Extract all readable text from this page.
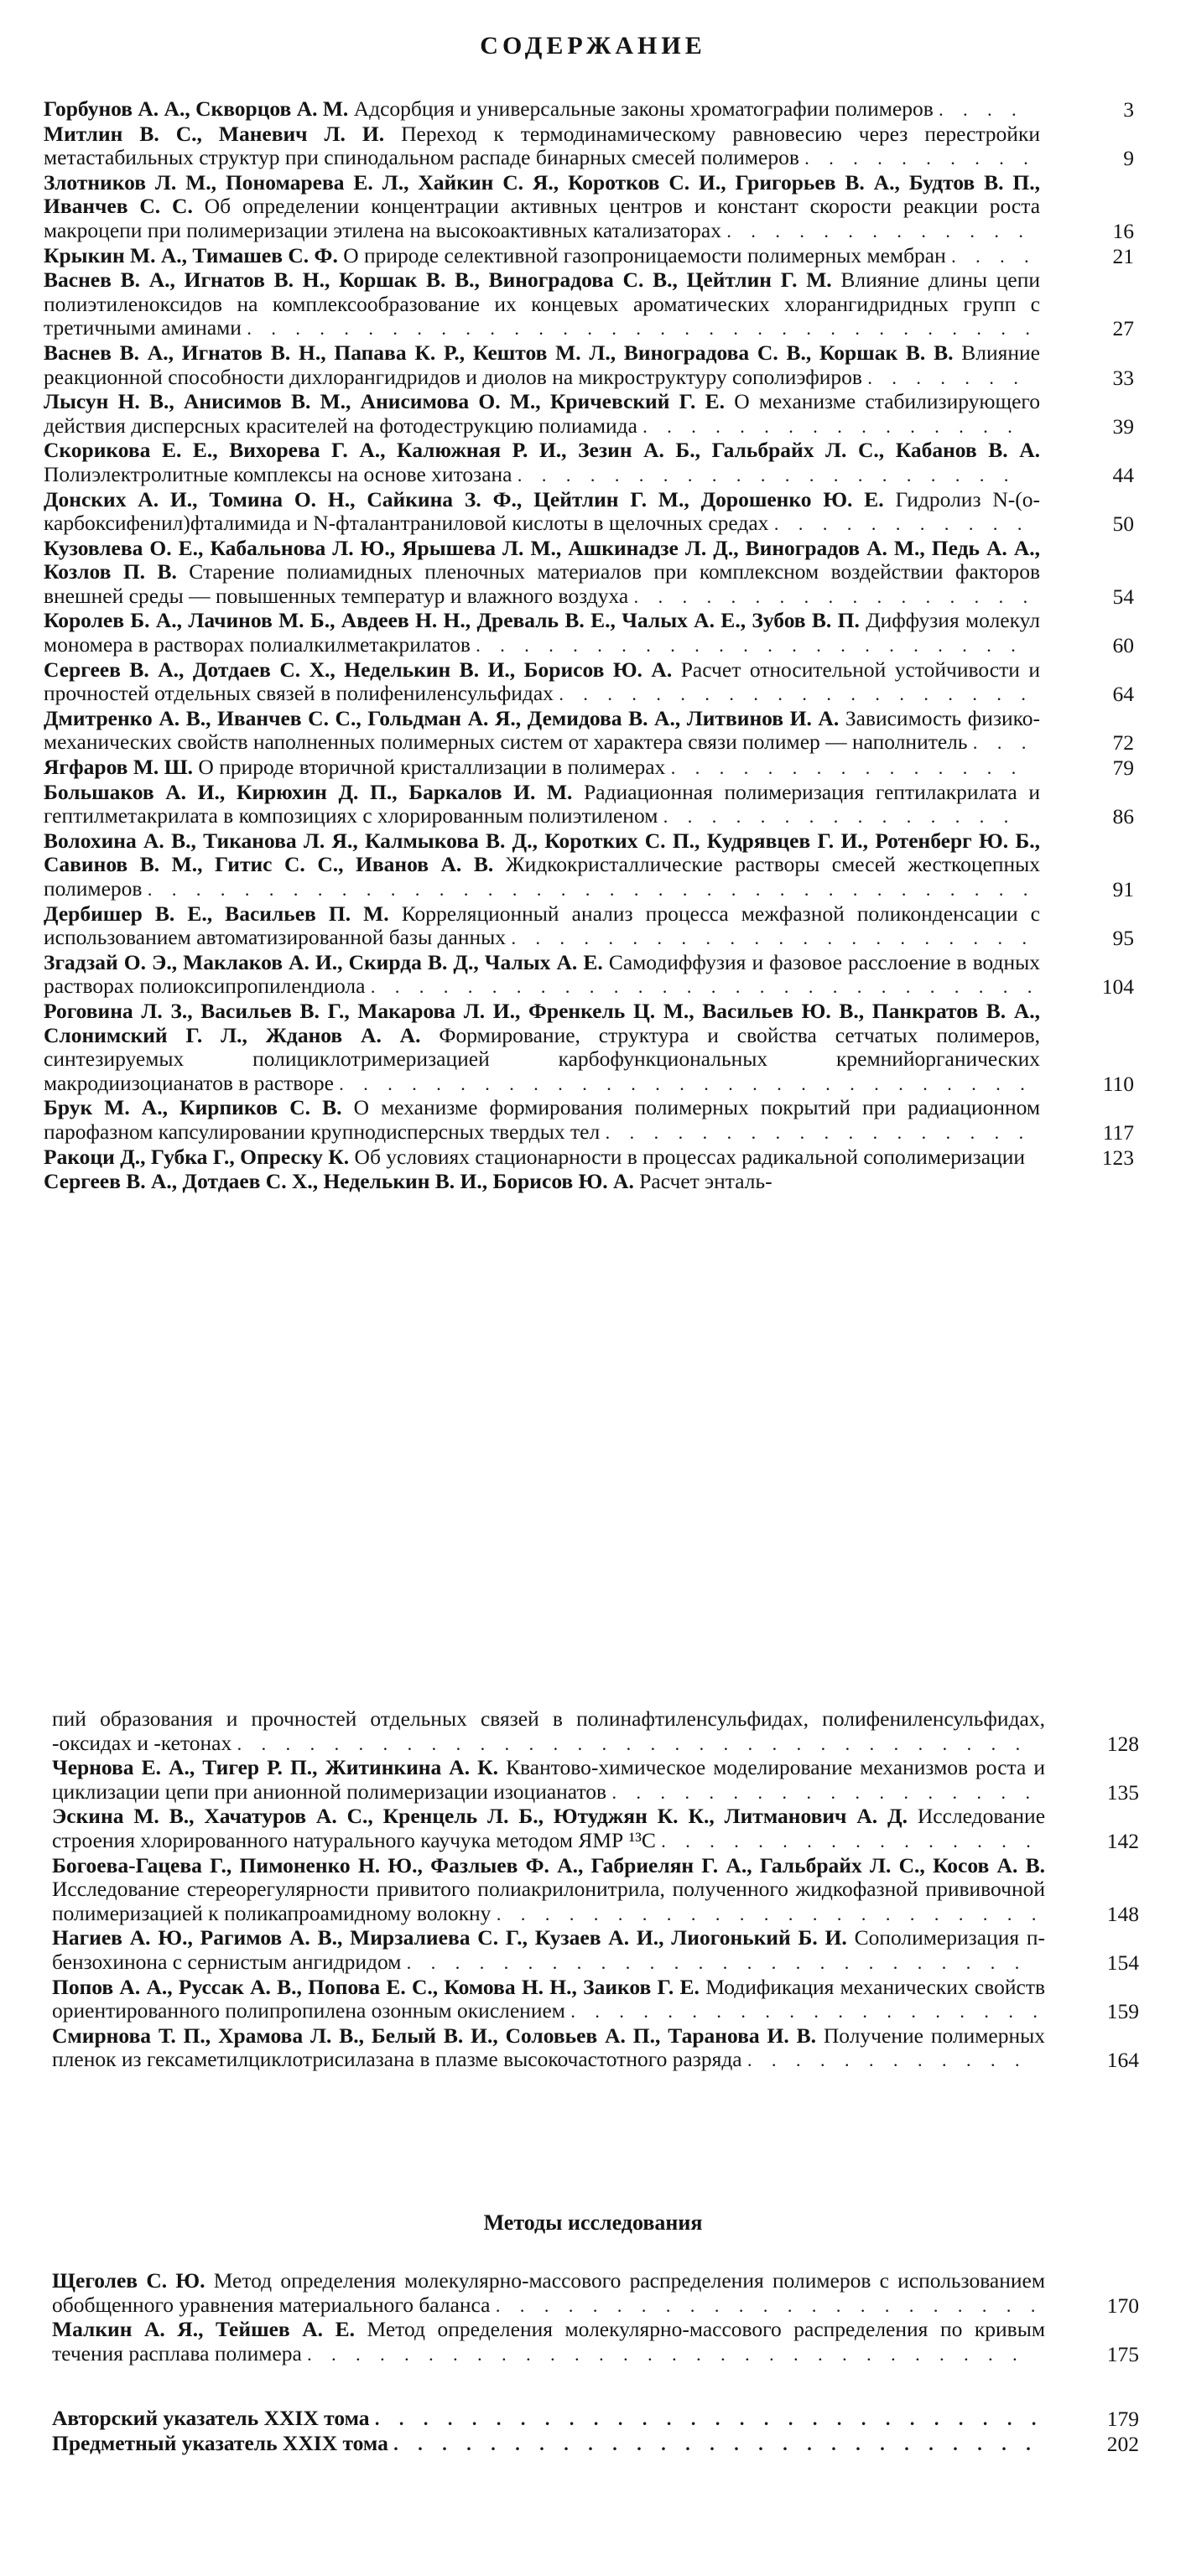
СОДЕРЖАНИЕ
Горбунов А. А., Скворцов А. М. Адсорбция и универсальные законы хроматографии полимеров . . . .	3
Митлин В. С., Маневич Л. И. Переход к термодинамическому равновесию через перестройки метастабильных структур при спинодальном распаде бинарных смесей полимеров . . . . . . . . . .	9
Злотников Л. М., Пономарева Е. Л., Хайкин С. Я., Коротков С. И., Григорьев В. А., Будтов В. П., Иванчев С. С. Об определении концентрации активных центров и констант скорости реакции роста макроцепи при полимеризации этилена на высокоактивных катализаторах . . . . . . . . . . . . .	16
Крыкин М. А., Тимашев С. Ф. О природе селективной газопроницаемости полимерных мембран . . . .	21
Васнев В. А., Игнатов В. Н., Коршак В. В., Виноградова С. В., Цейтлин Г. М. Влияние длины цепи полиэтиленоксидов на комплексообразование их концевых ароматических хлорангидридных групп с третичными аминами . . . . . . . . . . . . . . . . . . . . . . . . . . . . . . . . .	27
Васнев В. А., Игнатов В. Н., Папава К. Р., Кештов М. Л., Виноградова С. В., Коршак В. В. Влияние реакционной способности дихлорангидридов и диолов на микроструктуру сополиэфиров . . . . . . .	33
Лысун Н. В., Анисимов В. М., Анисимова О. М., Кричевский Г. Е. О механизме стабилизирующего действия дисперсных красителей на фотодеструкцию полиамида . . . . . . . . . . . . . . . .	39
Скорикова Е. Е., Вихорева Г. А., Калюжная Р. И., Зезин А. Б., Гальбрайх Л. С., Кабанов В. А. Полиэлектролитные комплексы на основе хитозана . . . . . . . . . . . . . . . . . . . . .	44
Донских А. И., Томина О. Н., Сайкина З. Ф., Цейтлин Г. М., Дорошенко Ю. Е. Гидролиз N-(о-карбоксифенил)фталимида и N-фталантраниловой кислоты в щелочных средах . . . . . . . . . . .	50
Кузовлева О. Е., Кабальнова Л. Ю., Ярышева Л. М., Ашкинадзе Л. Д., Виноградов А. М., Педь А. А., Козлов П. В. Старение полиамидных пленочных материалов при комплексном воздействии факторов внешней среды — повышенных температур и влажного воздуха . . . . . . . . . . . . . . . . .	54
Королев Б. А., Лачинов М. Б., Авдеев Н. Н., Древаль В. Е., Чалых А. Е., Зубов В. П. Диффузия молекул мономера в растворах полиалкилметакрилатов . . . . . . . . . . . . . . . . . . . . . . .	60
Сергеев В. А., Дотдаев С. Х., Неделькин В. И., Борисов Ю. А. Расчет относительной устойчивости и прочностей отдельных связей в полифениленсульфидах . . . . . . . . . . . . . . . . . . . .	64
Дмитренко А. В., Иванчев С. С., Гольдман А. Я., Демидова В. А., Литвинов И. А. Зависимость физико-механических свойств наполненных полимерных систем от характера связи полимер — наполнитель . . .	72
Ягфаров М. Ш. О природе вторичной кристаллизации в полимерах . . . . . . . . . . . . . . .	79
Большаков А. И., Кирюхин Д. П., Баркалов И. М. Радиационная полимеризация гептилакрилата и гептилметакрилата в композициях с хлорированным полиэтиленом . . . . . . . . . . . . . . .	86
Волохина А. В., Тиканова Л. Я., Калмыкова В. Д., Коротких С. П., Кудрявцев Г. И., Ротенберг Ю. Б., Савинов В. М., Гитис С. С., Иванов А. В. Жидкокристаллические растворы смесей жесткоцепных полимеров . . . . . . . . . . . . . . . . . . . . . . . . . . . . . . . . . . . . .	91
Дербишер В. Е., Васильев П. М. Корреляционный анализ процесса межфазной поликонденсации с использованием автоматизированной базы данных . . . . . . . . . . . . . . . . . . . . . .	95
Згадзай О. Э., Маклаков А. И., Скирда В. Д., Чалых А. Е. Самодиффузия и фазовое расслоение в водных растворах полиоксипропилендиола . . . . . . . . . . . . . . . . . . . . . . . . . . . .	104
Роговина Л. З., Васильев В. Г., Макарова Л. И., Френкель Ц. М., Васильев Ю. В., Панкратов В. А., Слонимский Г. Л., Жданов А. А. Формирование, структура и свойства сетчатых полимеров, синтезируемых полициклотримеризацией карбофункциональных кремнийорганических макродиизоцианатов в растворе . . . . . . . . . . . . . . . . . . . . . . . . . . . . .	110
Брук М. А., Кирпиков С. В. О механизме формирования полимерных покрытий при радиационном парофазном капсулировании крупнодисперсных твердых тел . . . . . . . . . . . . . . . . . .	117
Ракоци Д., Губка Г., Опреску К. Об условиях стационарности в процессах радикальной сополимеризации	123
Сергеев В. А., Дотдаев С. Х., Неделькин В. И., Борисов Ю. А. Расчет энталь-
пий образования и прочностей отдельных связей в полинафтиленсульфидах, полифениленсульфидах, -оксидах и -кетонах . . . . . . . . . . . . . . . . . . . . . . . . . . . . . . . . .	128
Чернова Е. А., Тигер Р. П., Житинкина А. К. Квантово-химическое моделирование механизмов роста и циклизации цепи при анионной полимеризации изоцианатов . . . . . . . . . . . . . . . . . .	135
Эскина М. В., Хачатуров А. С., Кренцель Л. Б., Ютуджян К. К., Литманович А. Д. Исследование строения хлорированного натурального каучука методом ЯМР ¹³С . . . . . . . . . . . . . . . .	142
Богоева-Гацева Г., Пимоненко Н. Ю., Фазлыев Ф. А., Габриелян Г. А., Гальбрайх Л. С., Косов А. В. Исследование стереорегулярности привитого полиакрилонитрила, полученного жидкофазной прививочной полимеризацией к поликапроамидному волокну . . . . . . . . . . . . . . . . . . . . . . .	148
Нагиев А. Ю., Рагимов А. В., Мирзалиева С. Г., Кузаев А. И., Лиогонький Б. И. Сополимеризация п-бензохинона с сернистым ангидридом . . . . . . . . . . . . . . . . . . . . . . . . . .	154
Попов А. А., Руссак А. В., Попова Е. С., Комова Н. Н., Заиков Г. Е. Модификация механических свойств ориентированного полипропилена озонным окислением . . . . . . . . . . . . . . . . . . . .	159
Смирнова Т. П., Храмова Л. В., Белый В. И., Соловьев А. П., Таранова И. В. Получение полимерных пленок из гексаметилциклотрисилазана в плазме высокочастотного разряда . . . . . . . . . . . .	164
Методы исследования
Щеголев С. Ю. Метод определения молекулярно-массового распределения полимеров с использованием обобщенного уравнения материального баланса . . . . . . . . . . . . . . . . . . . . . . .	170
Малкин А. Я., Тейшев А. Е. Метод определения молекулярно-массового распределения по кривым течения расплава полимера . . . . . . . . . . . . . . . . . . . . . . . . . . . . . .	175
Авторский указатель XXIX тома . . . . . . . . . . . . . . . . . . . . . . . . . . . .	179
Предметный указатель XXIX тома . . . . . . . . . . . . . . . . . . . . . . . . . . .	202
